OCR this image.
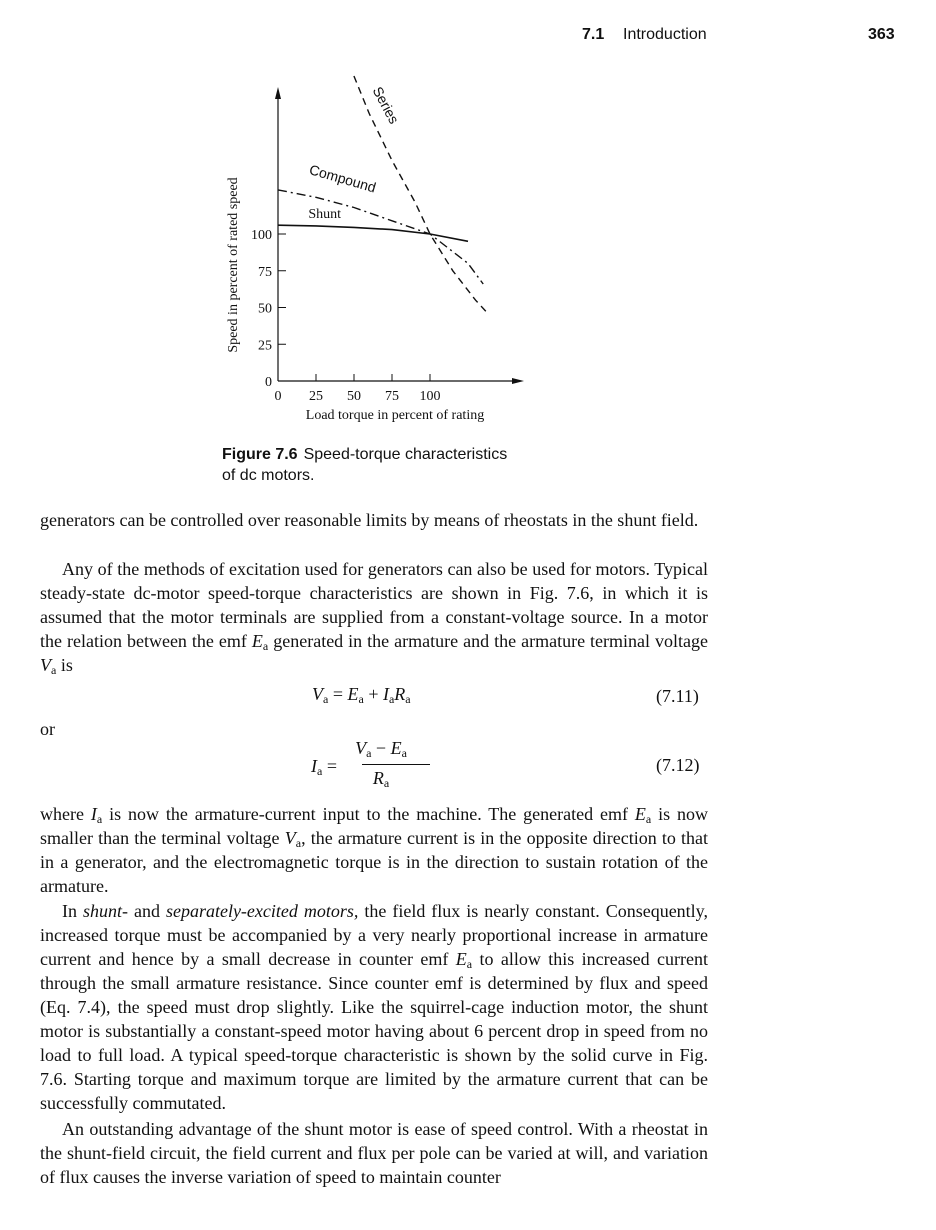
7.1 Introduction	363
0
25
50
75
100
0 25 50 75 100
Load torque in percent of rating
Speed in percent of rated speed	Shunt
Compound
Series
Figure 7.6 Speed-torque characteristics of dc motors.

generators can be controlled over reasonable limits by means of rheostats in the shunt field.

Any of the methods of excitation used for generators can also be used for motors. Typical steady-state dc-motor speed-torque characteristics are shown in Fig. 7.6, in which it is assumed that the motor terminals are supplied from a constant-voltage source. In a motor the relation between the emf $E_a$ generated in the armature and the armature terminal voltage $V_a$ is

$V_a = E_a + I_aR_a$	(7.11)
or
$I_a$ =
$V_a - E_a$
$R_a$
(7.12)

where $I_a$ is now the armature-current input to the machine. The generated emf $E_a$ is now smaller than the terminal voltage $V_a$, the armature current is in the opposite direction to that in a generator, and the electromagnetic torque is in the direction to sustain rotation of the armature.

In shunt- and separately-excited motors, the field flux is nearly constant. Consequently, increased torque must be accompanied by a very nearly proportional increase in armature current and hence by a small decrease in counter emf $E_a$ to allow this increased current through the small armature resistance. Since counter emf is determined by flux and speed (Eq. 7.4), the speed must drop slightly. Like the squirrel-cage induction motor, the shunt motor is substantially a constant-speed motor having about 6 percent drop in speed from no load to full load. A typical speed-torque characteristic is shown by the solid curve in Fig. 7.6. Starting torque and maximum torque are limited by the armature current that can be successfully commutated.

An outstanding advantage of the shunt motor is ease of speed control. With a rheostat in the shunt-field circuit, the field current and flux per pole can be varied at will, and variation of flux causes the inverse variation of speed to maintain counter
